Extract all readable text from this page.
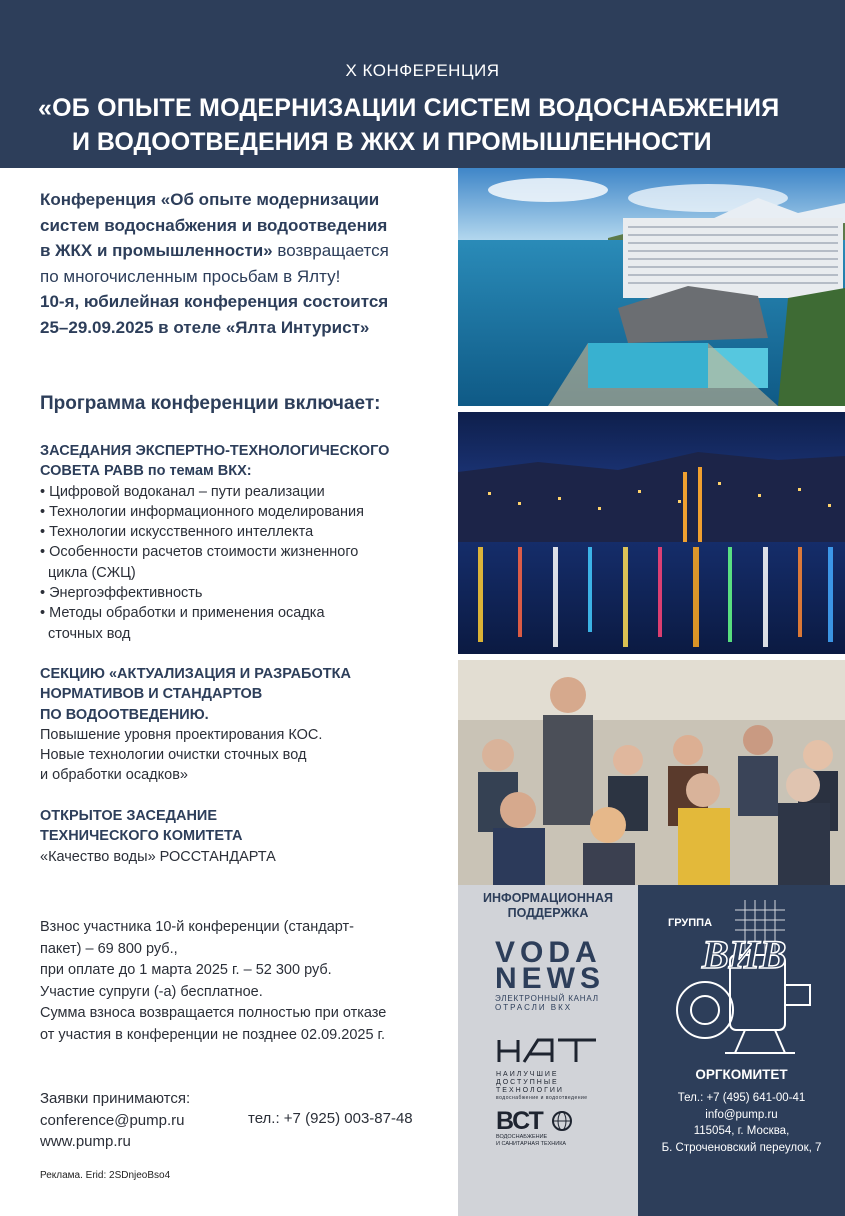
X КОНФЕРЕНЦИЯ
«ОБ ОПЫТЕ МОДЕРНИЗАЦИИ СИСТЕМ ВОДОСНАБЖЕНИЯ
И ВОДООТВЕДЕНИЯ В ЖКХ И ПРОМЫШЛЕННОСТИ
Конференция «Об опыте модернизации
систем водоснабжения и водоотведения
в ЖКХ и промышленности» возвращается
по многочисленным просьбам в Ялту!
10-я, юбилейная конференция состоится
25–29.09.2025 в отеле «Ялта Интурист»
Программа конференции включает:
ЗАСЕДАНИЯ ЭКСПЕРТНО-ТЕХНОЛОГИЧЕСКОГО
СОВЕТА РАВВ по темам ВКХ:
• Цифровой водоканал – пути реализации
• Технологии информационного моделирования
• Технологии искусственного интеллекта
• Особенности расчетов стоимости жизненного
цикла (СЖЦ)
• Энергоэффективность
• Методы обработки и применения осадка
сточных вод
СЕКЦИЮ «АКТУАЛИЗАЦИЯ И РАЗРАБОТКА
НОРМАТИВОВ И СТАНДАРТОВ
ПО ВОДООТВЕДЕНИЮ.
Повышение уровня проектирования КОС.
Новые технологии очистки сточных вод
и обработки осадков»
ОТКРЫТОЕ ЗАСЕДАНИЕ
ТЕХНИЧЕСКОГО КОМИТЕТА
«Качество воды» РОССТАНДАРТА
Взнос участника 10-й конференции (стандарт-
пакет) – 69 800 руб.,
при оплате до 1 марта 2025 г. – 52 300 руб.
Участие супруги (-а) бесплатное.
Сумма взноса возвращается полностью при отказе
от участия в конференции не позднее 02.09.2025 г.
Заявки принимаются:
conference@pump.ru
www.pump.ru
тел.: +7 (925) 003-87-48
Реклама. Erid: 2SDnjeoBso4
ИНФОРМАЦИОННАЯ
ПОДДЕРЖКА
VODA
NEWS
ЭЛЕКТРОННЫЙ КАНАЛ
ОТРАСЛИ ВКХ
НАИЛУЧШИЕ
ДОСТУПНЫЕ
ТЕХНОЛОГИИ
водоснабжение и водоотведение
ВСТ
ВОДОСНАБЖЕНИЕ
И САНИТАРНАЯ ТЕХНИКА
ГРУППА
ВИВ
ОРГКОМИТЕТ
Тел.: +7 (495) 641-00-41
info@pump.ru
115054, г. Москва,
Б. Строченовский переулок, 7
